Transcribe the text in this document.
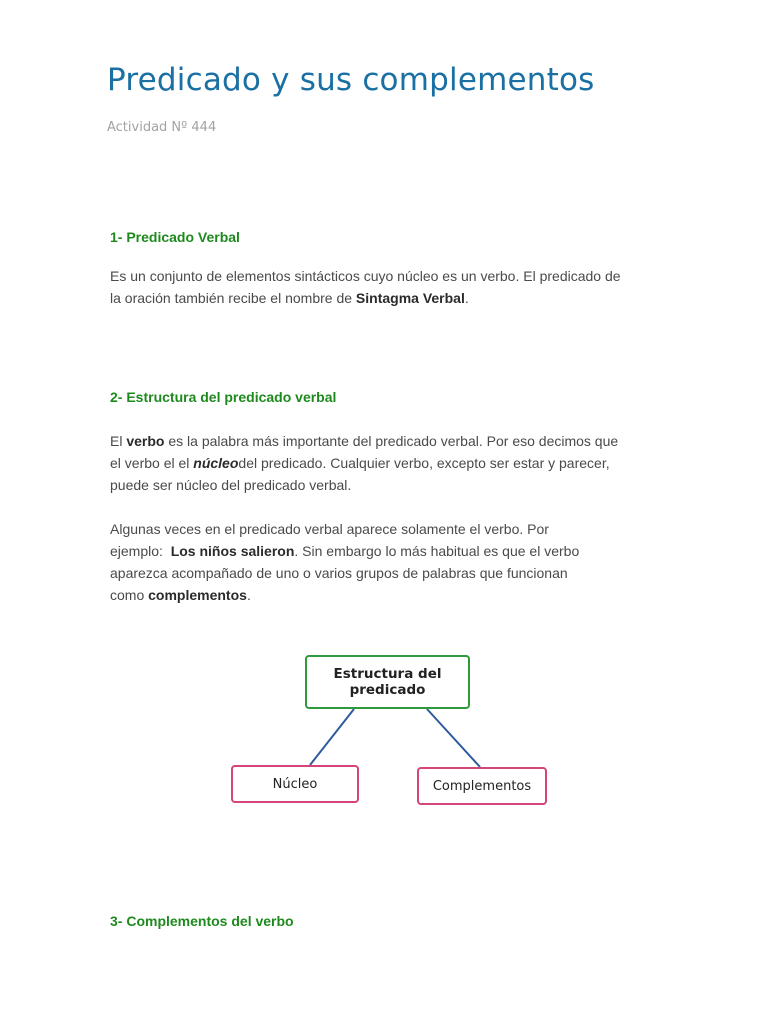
Predicado y sus complementos
Actividad Nº 444
1- Predicado Verbal

Es un conjunto de elementos sintácticos cuyo núcleo es un verbo. El predicado de
la oración también recibe el nombre de Sintagma Verbal.

2- Estructura del predicado verbal

El verbo es la palabra más importante del predicado verbal. Por eso decimos que
el verbo el el núcleodel predicado. Cualquier verbo, excepto ser estar y parecer,
puede ser núcleo del predicado verbal.

Algunas veces en el predicado verbal aparece solamente el verbo. Por
ejemplo:  Los niños salieron. Sin embargo lo más habitual es que el verbo
aparezca acompañado de uno o varios grupos de palabras que funcionan
como complementos.

Estructura del
predicado
Núcleo	Complementos
3- Complementos del verbo
